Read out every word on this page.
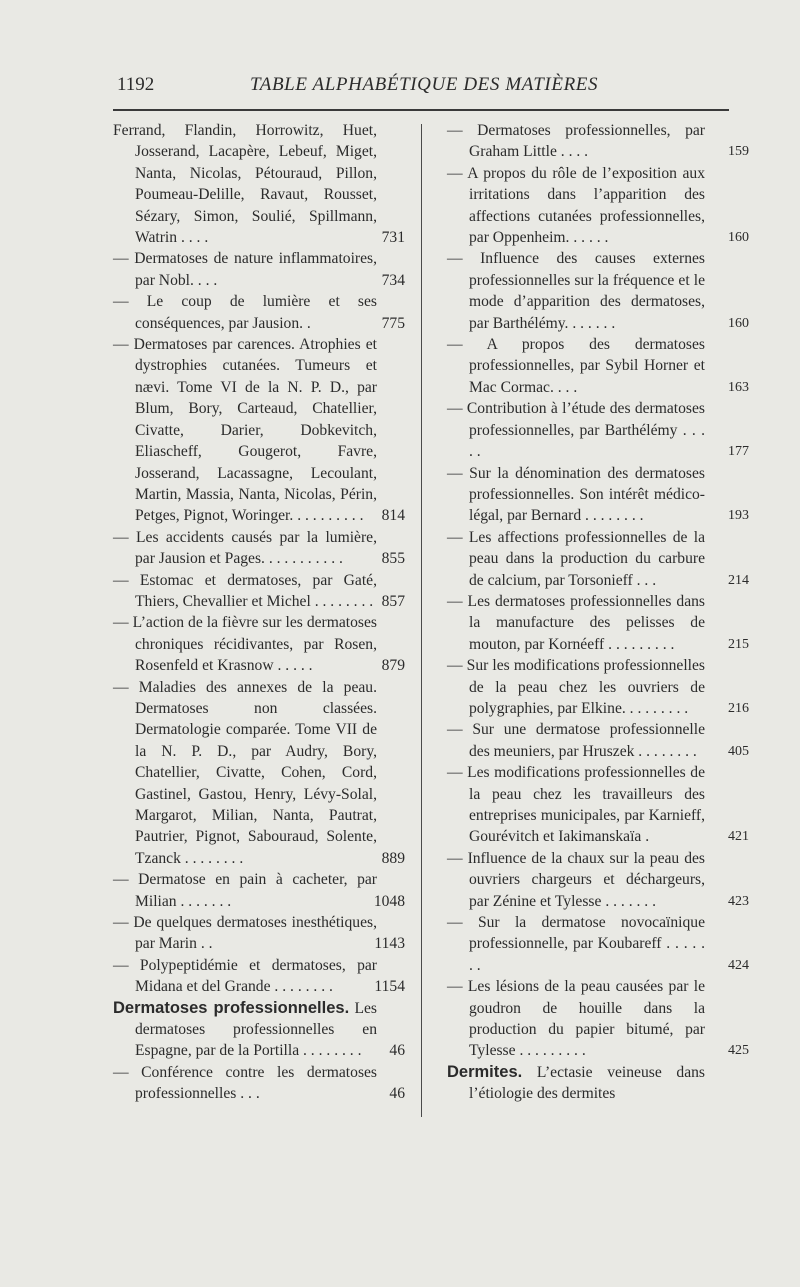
1192	TABLE ALPHABÉTIQUE DES MATIÈRES

Ferrand, Flandin, Horrowitz, Huet, Josserand, Lacapère, Lebeuf, Miget, Nanta, Nicolas, Pétouraud, Pillon, Poumeau-Delille, Ravaut, Rousset, Sézary, Simon, Soulié, Spillmann, Watrin . . . .	731

— Dermatoses de nature inflammatoires, par Nobl. . . .	734

— Le coup de lumière et ses conséquences, par Jausion. .	775

— Dermatoses par carences. Atrophies et dystrophies cutanées. Tumeurs et nævi. Tome VI de la N. P. D., par Blum, Bory, Carteaud, Chatellier, Civatte, Darier, Dobkevitch, Eliascheff, Gougerot, Favre, Josserand, Lacassagne, Lecoulant, Martin, Massia, Nanta, Nicolas, Périn, Petges, Pignot, Woringer. . . . . . . . . .	814

— Les accidents causés par la lumière, par Jausion et Pages. . . . . . . . . . .	855

— Estomac et dermatoses, par Gaté, Thiers, Chevallier et Michel . . . . . . . . 857

— L’action de la fièvre sur les dermatoses chroniques récidivantes, par Rosen, Rosenfeld et Krasnow . . . . .	879

— Maladies des annexes de la peau. Dermatoses non classées. Dermatologie comparée. Tome VII de la N. P. D., par Audry, Bory, Chatellier, Civatte, Cohen, Cord, Gastinel, Gastou, Henry, Lévy-Solal, Margarot, Milian, Nanta, Pautrat, Pautrier, Pignot, Sabouraud, Solente, Tzanck . . . . . . . .	889

— Dermatose en pain à cacheter, par Milian . . . . . . .	1048

— De quelques dermatoses inesthétiques, par Marin . .	1143

— Polypeptidémie et dermatoses, par Midana et del Grande . . . . . . . .	1154

Dermatoses professionnelles. Les dermatoses professionnelles en Espagne, par de la Portilla . . . . . . . .	46

— Conférence contre les dermatoses professionnelles . . .	46

— Dermatoses professionnelles, par Graham Little . . . .	159

— A propos du rôle de l’exposition aux irritations dans l’apparition des affections cutanées professionnelles, par Oppenheim. . . . . .	160

— Influence des causes externes professionnelles sur la fréquence et le mode d’apparition des dermatoses, par Barthélémy. . . . . . .	160

— A propos des dermatoses professionnelles, par Sybil Horner et Mac Cormac. . . .	163

— Contribution à l’étude des dermatoses professionnelles, par Barthélémy . . . . .	177

— Sur la dénomination des dermatoses professionnelles. Son intérêt médico-légal, par Bernard . . . . . . . .	193

— Les affections professionnelles de la peau dans la production du carbure de calcium, par Torsonieff . . .	214

— Les dermatoses professionnelles dans la manufacture des pelisses de mouton, par Kornéeff . . . . . . . . .	215

— Sur les modifications professionnelles de la peau chez les ouvriers de polygraphies, par Elkine. . . . . . . . .	216

— Sur une dermatose professionnelle des meuniers, par Hruszek . . . . . . . .	405

— Les modifications professionnelles de la peau chez les travailleurs des entreprises municipales, par Karnieff, Gourévitch et Iakimanskaïa .	421

— Influence de la chaux sur la peau des ouvriers chargeurs et déchargeurs, par Zénine et Tylesse . . . . . . .	423

— Sur la dermatose novocaïnique professionnelle, par Koubareff . . . . . . .	424

— Les lésions de la peau causées par le goudron de houille dans la production du papier bitumé, par Tylesse . . . . . . . . .	425

Dermites. L’ectasie veineuse dans l’étiologie des dermites
